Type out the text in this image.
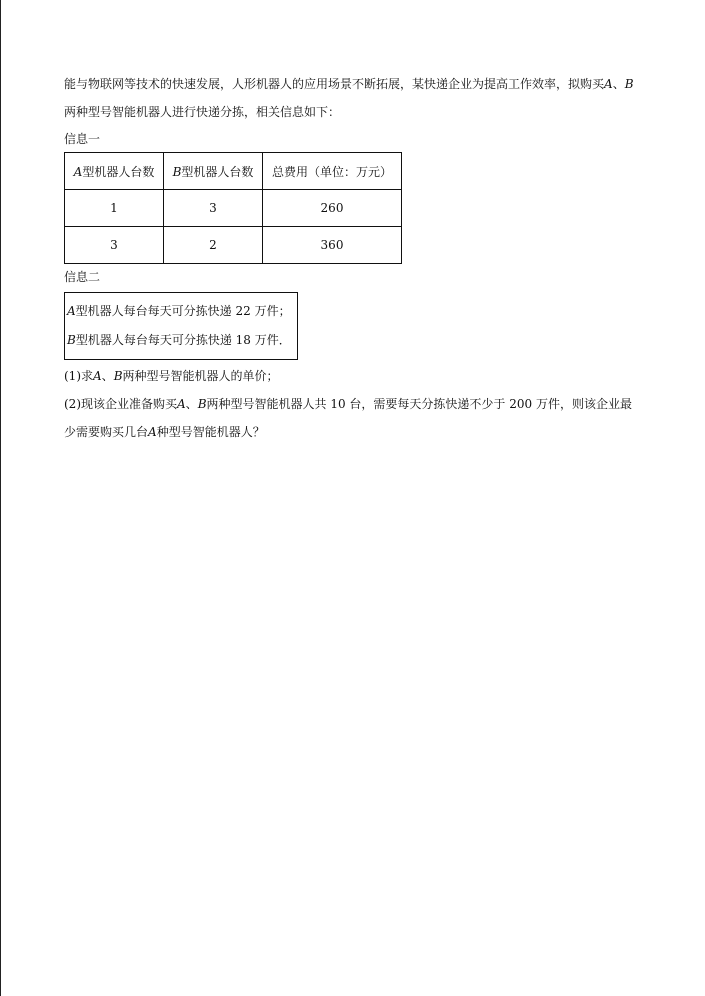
能与物联网等技术的快速发展，人形机器人的应用场景不断拓展，某快递企业为提高工作效率，拟购买A、B

两种型号智能机器人进行快递分拣，相关信息如下：

信息一

A型机器人台数	B型机器人台数	总费用（单位：万元）
1	3	260
3	2	360

信息二

A型机器人每台每天可分拣快递 22 万件；

B型机器人每台每天可分拣快递 18 万件．

(1)求A、B两种型号智能机器人的单价；

(2)现该企业准备购买A、B两种型号智能机器人共 10 台，需要每天分拣快递不少于 200 万件，则该企业最

少需要购买几台A种型号智能机器人？
